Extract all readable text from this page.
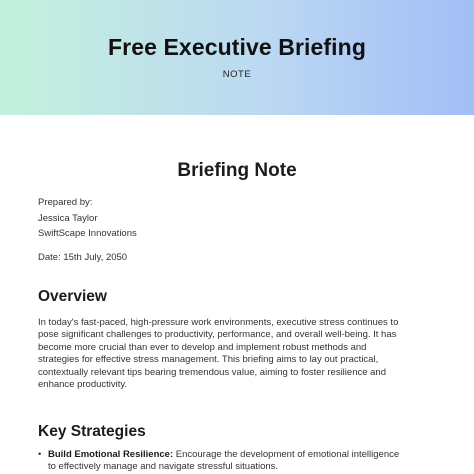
Free Executive Briefing
NOTE
Briefing Note
Prepared by:
Jessica Taylor
SwiftScape Innovations
Date: 15th July, 2050
Overview
In today's fast-paced, high-pressure work environments, executive stress continues to
pose significant challenges to productivity, performance, and overall well-being. It has
become more crucial than ever to develop and implement robust methods and
strategies for effective stress management. This briefing aims to lay out practical,
contextually relevant tips bearing tremendous value, aiming to foster resilience and
enhance productivity.
Key Strategies
• Build Emotional Resilience: Encourage the development of emotional intelligence
to effectively manage and navigate stressful situations.
